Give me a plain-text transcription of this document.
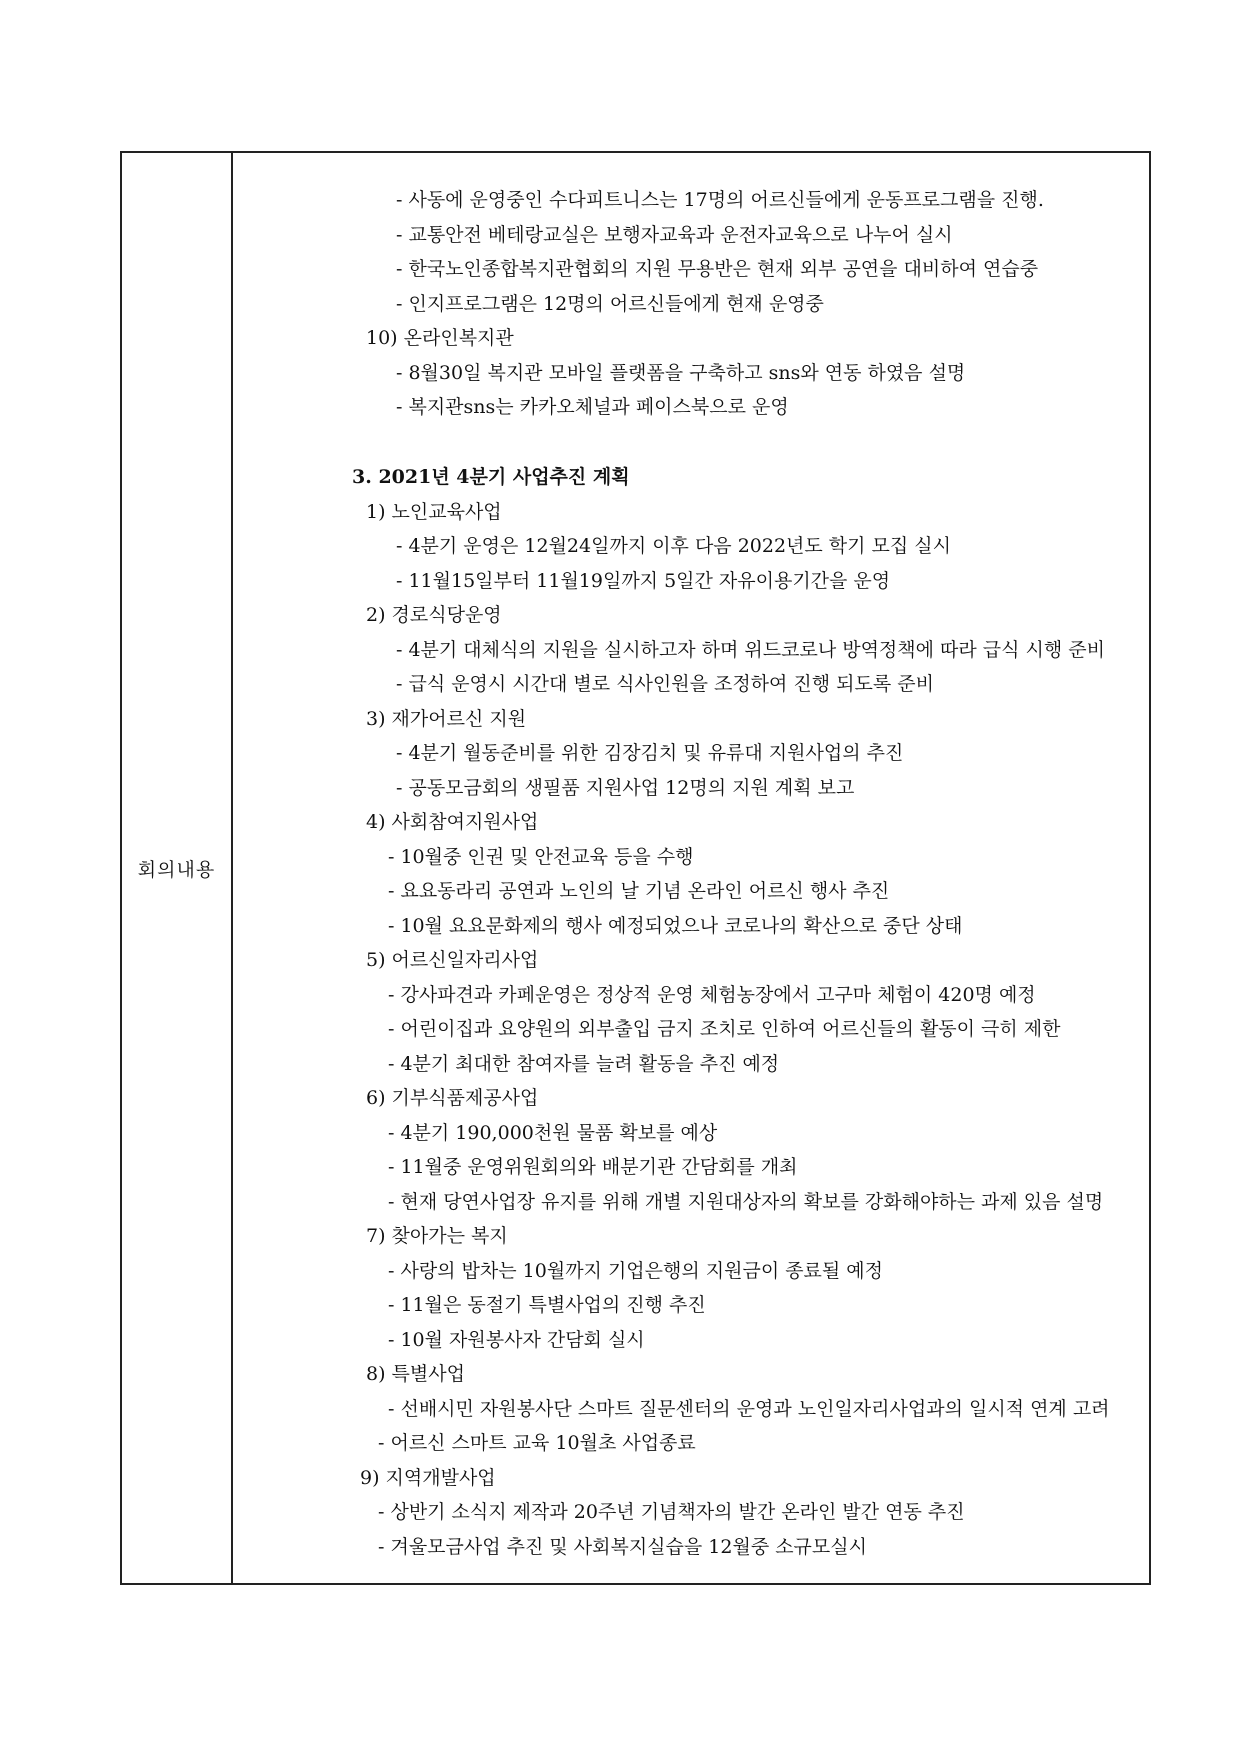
회의내용
- 사동에 운영중인 수다피트니스는 17명의 어르신들에게 운동프로그램을 진행.
- 교통안전 베테랑교실은 보행자교육과 운전자교육으로 나누어 실시
- 한국노인종합복지관협회의 지원 무용반은 현재 외부 공연을 대비하여 연습중
- 인지프로그램은 12명의 어르신들에게 현재 운영중
10) 온라인복지관
- 8월30일 복지관 모바일 플랫폼을 구축하고 sns와 연동 하였음 설명
- 복지관sns는 카카오체널과 페이스북으로 운영
3. 2021년 4분기 사업추진 계획
1) 노인교육사업
- 4분기 운영은 12월24일까지 이후 다음 2022년도 학기 모집 실시
- 11월15일부터 11월19일까지 5일간 자유이용기간을 운영
2) 경로식당운영
- 4분기 대체식의 지원을 실시하고자 하며 위드코로나 방역정책에 따라 급식 시행 준비
- 급식 운영시 시간대 별로 식사인원을 조정하여 진행 되도록 준비
3) 재가어르신 지원
- 4분기 월동준비를 위한 김장김치 및 유류대 지원사업의 추진
- 공동모금회의 생필품 지원사업 12명의 지원 계획 보고
4) 사회참여지원사업
- 10월중 인권 및 안전교육 등을 수행
- 요요동라리 공연과 노인의 날 기념 온라인 어르신 행사 추진
- 10월 요요문화제의 행사 예정되었으나 코로나의 확산으로 중단 상태
5) 어르신일자리사업
- 강사파견과 카페운영은 정상적 운영 체험농장에서 고구마 체험이 420명 예정
- 어린이집과 요양원의 외부출입 금지 조치로 인하여 어르신들의 활동이 극히 제한
- 4분기 최대한 참여자를 늘려 활동을 추진 예정
6) 기부식품제공사업
- 4분기 190,000천원 물품 확보를 예상
- 11월중 운영위원회의와 배분기관 간담회를 개최
- 현재 당연사업장 유지를 위해 개별 지원대상자의 확보를 강화해야하는 과제 있음 설명
7) 찾아가는 복지
- 사랑의 밥차는 10월까지 기업은행의 지원금이 종료될 예정
- 11월은 동절기 특별사업의 진행 추진
- 10월 자원봉사자 간담회 실시
8) 특별사업
- 선배시민 자원봉사단 스마트 질문센터의 운영과 노인일자리사업과의 일시적 연계 고려
- 어르신 스마트 교육 10월초 사업종료
9) 지역개발사업
- 상반기 소식지 제작과 20주년 기념책자의 발간 온라인 발간 연동 추진
- 겨울모금사업 추진 및 사회복지실습을 12월중 소규모실시
